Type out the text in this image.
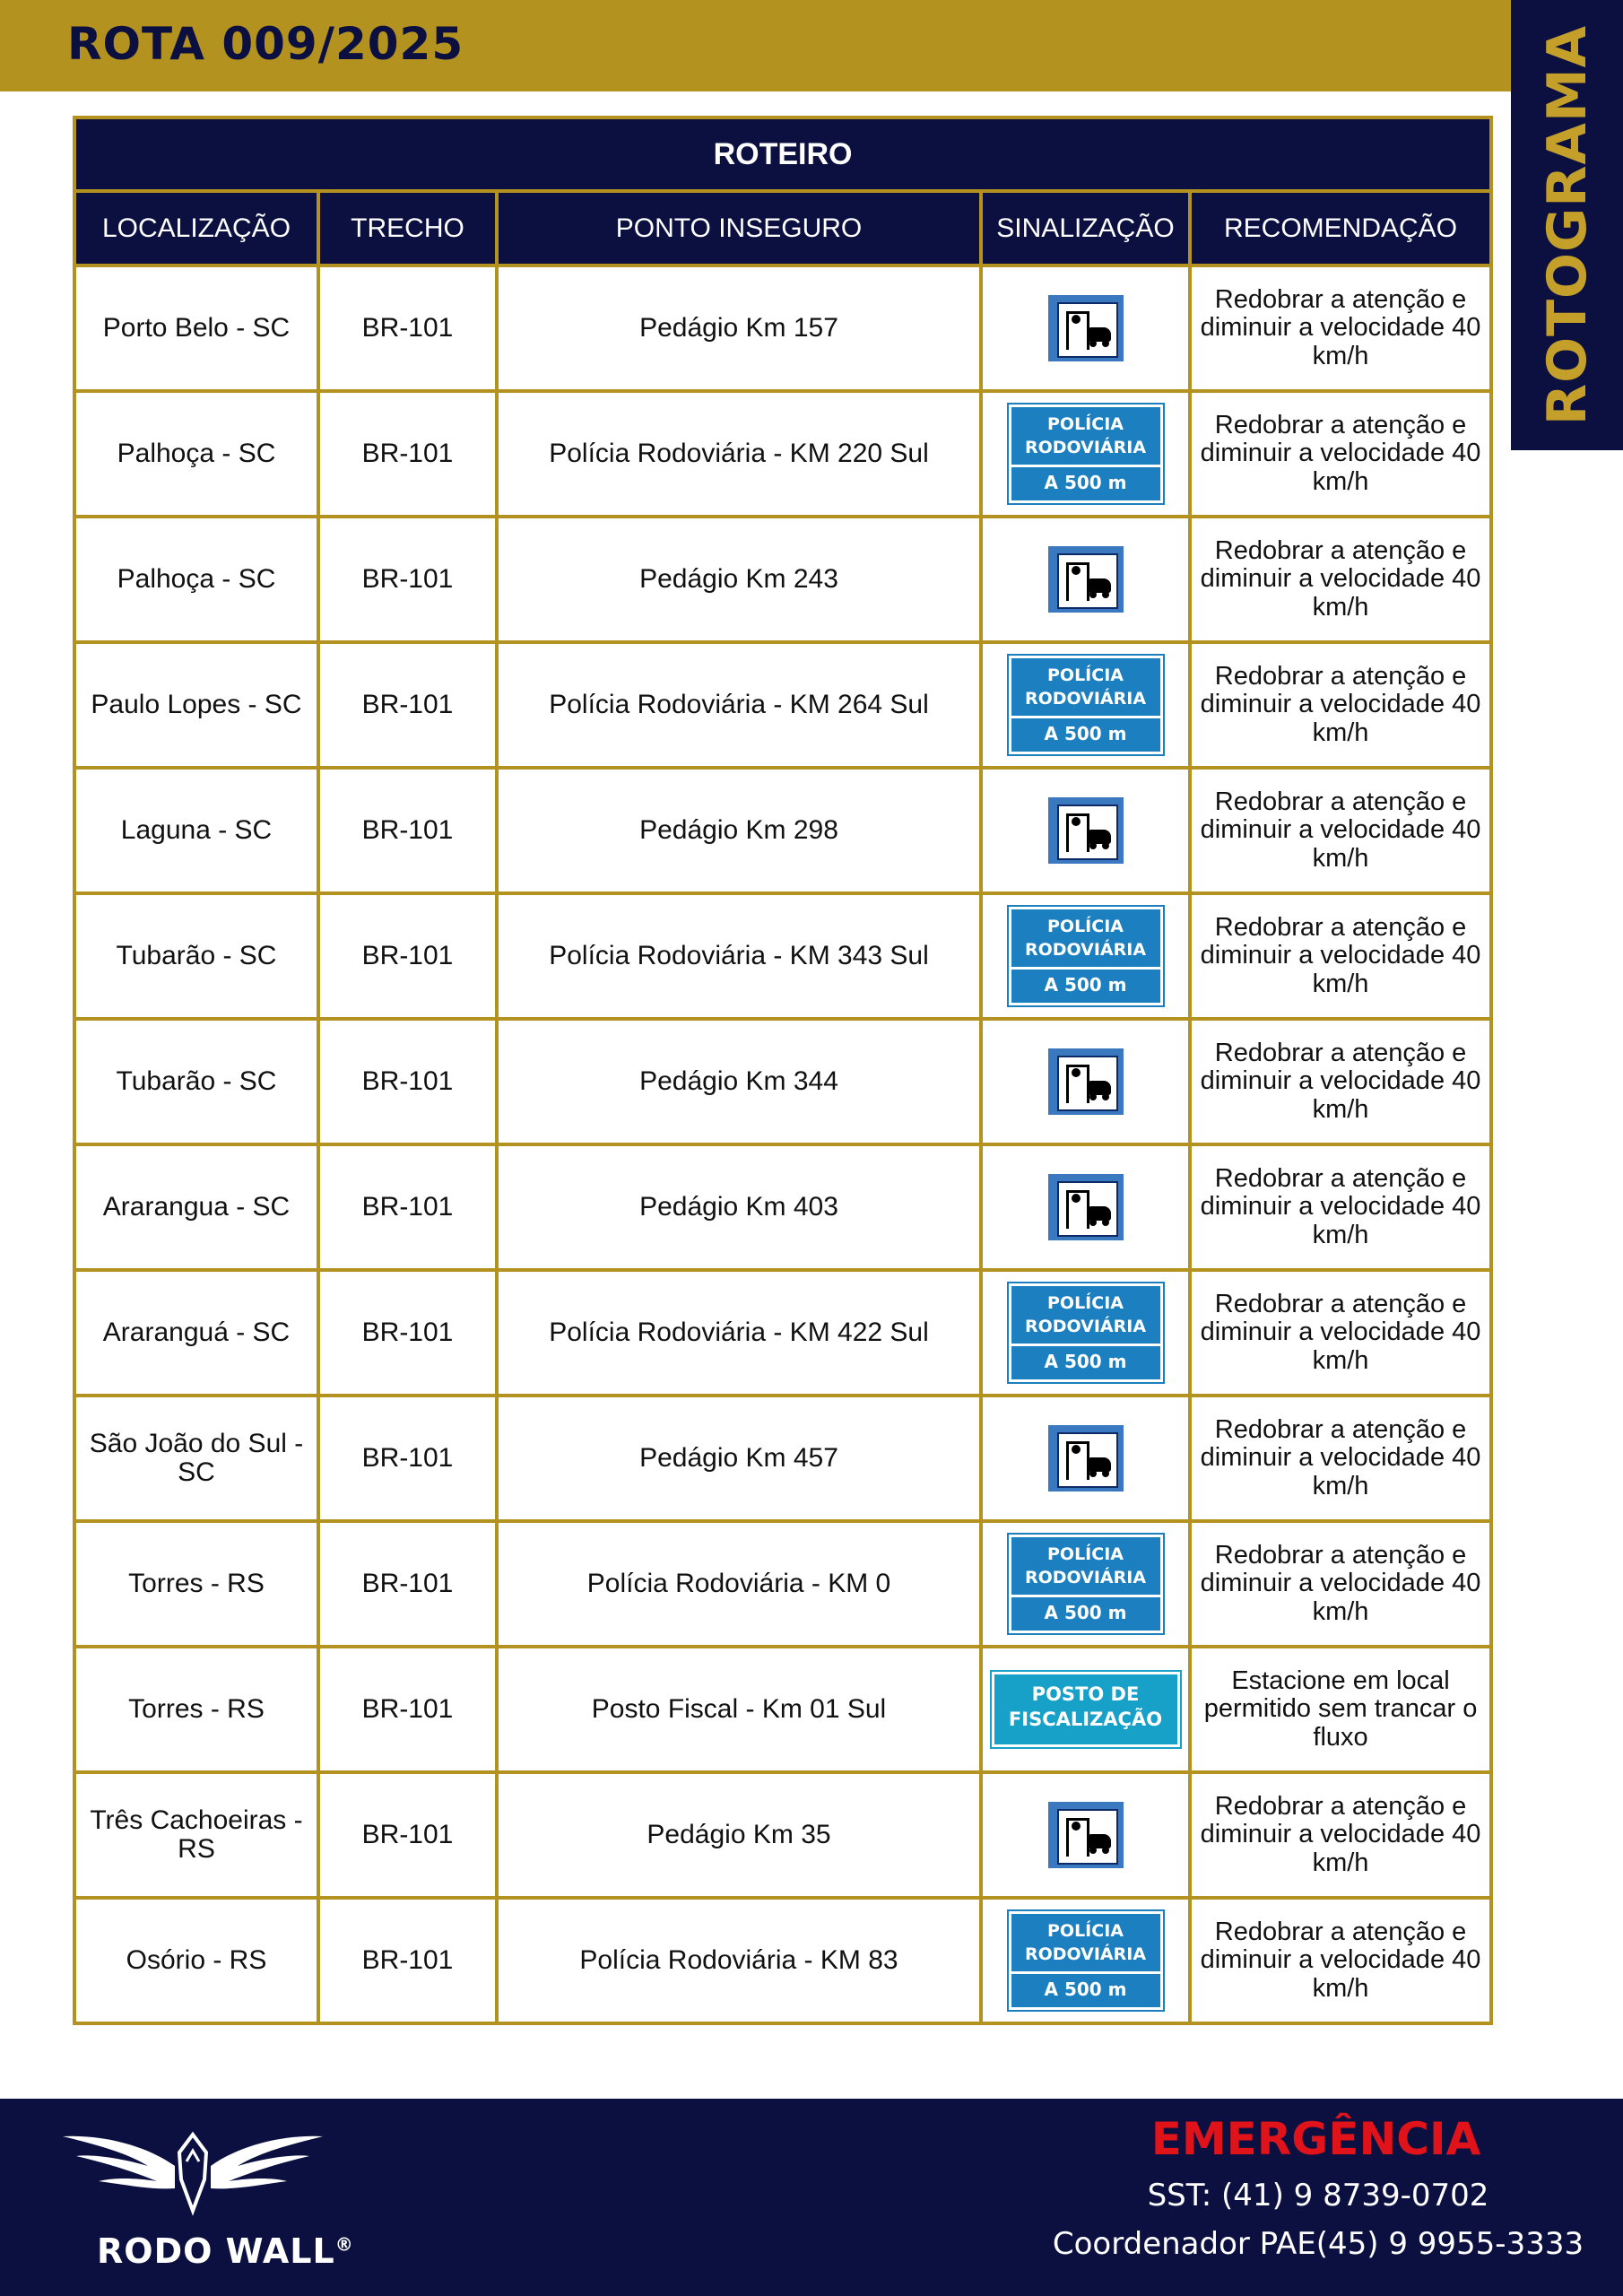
ROTA 009/2025	ROTOGRAMA
ROTEIRO				
LOCALIZAÇÃO	TRECHO	PONTO INSEGURO	SINALIZAÇÃO	RECOMENDAÇÃO
Porto Belo - SC	BR-101	Pedágio Km 157		Redobrar a atenção e diminuir a velocidade 40 km/h
Palhoça - SC	BR-101	Polícia Rodoviária - KM 220 Sul	POLÍCIA
RODOVIÁRIA
A 500 m	Redobrar a atenção e diminuir a velocidade 40 km/h
Palhoça - SC	BR-101	Pedágio Km 243		Redobrar a atenção e diminuir a velocidade 40 km/h
Paulo Lopes - SC	BR-101	Polícia Rodoviária - KM 264 Sul	POLÍCIA
RODOVIÁRIA
A 500 m	Redobrar a atenção e diminuir a velocidade 40 km/h
Laguna - SC	BR-101	Pedágio Km 298		Redobrar a atenção e diminuir a velocidade 40 km/h
Tubarão - SC	BR-101	Polícia Rodoviária - KM 343 Sul	POLÍCIA
RODOVIÁRIA
A 500 m	Redobrar a atenção e diminuir a velocidade 40 km/h
Tubarão - SC	BR-101	Pedágio Km 344		Redobrar a atenção e diminuir a velocidade 40 km/h
Ararangua - SC	BR-101	Pedágio Km 403		Redobrar a atenção e diminuir a velocidade 40 km/h
Araranguá - SC	BR-101	Polícia Rodoviária - KM 422 Sul	POLÍCIA
RODOVIÁRIA
A 500 m	Redobrar a atenção e diminuir a velocidade 40 km/h
São João do Sul - SC	BR-101	Pedágio Km 457		Redobrar a atenção e diminuir a velocidade 40 km/h
Torres - RS	BR-101	Polícia Rodoviária - KM 0	POLÍCIA
RODOVIÁRIA
A 500 m	Redobrar a atenção e diminuir a velocidade 40 km/h
Torres - RS	BR-101	Posto Fiscal - Km 01 Sul	POSTO DE
FISCALIZAÇÃO	Estacione em local permitido sem trancar o fluxo
Três Cachoeiras - RS	BR-101	Pedágio Km 35		Redobrar a atenção e diminuir a velocidade 40 km/h
Osório - RS	BR-101	Polícia Rodoviária - KM 83	POLÍCIA
RODOVIÁRIA
A 500 m	Redobrar a atenção e diminuir a velocidade 40 km/h
RODO WALL®
EMERGÊNCIA
SST: (41) 9 8739-0702
Coordenador PAE(45) 9 9955-3333
